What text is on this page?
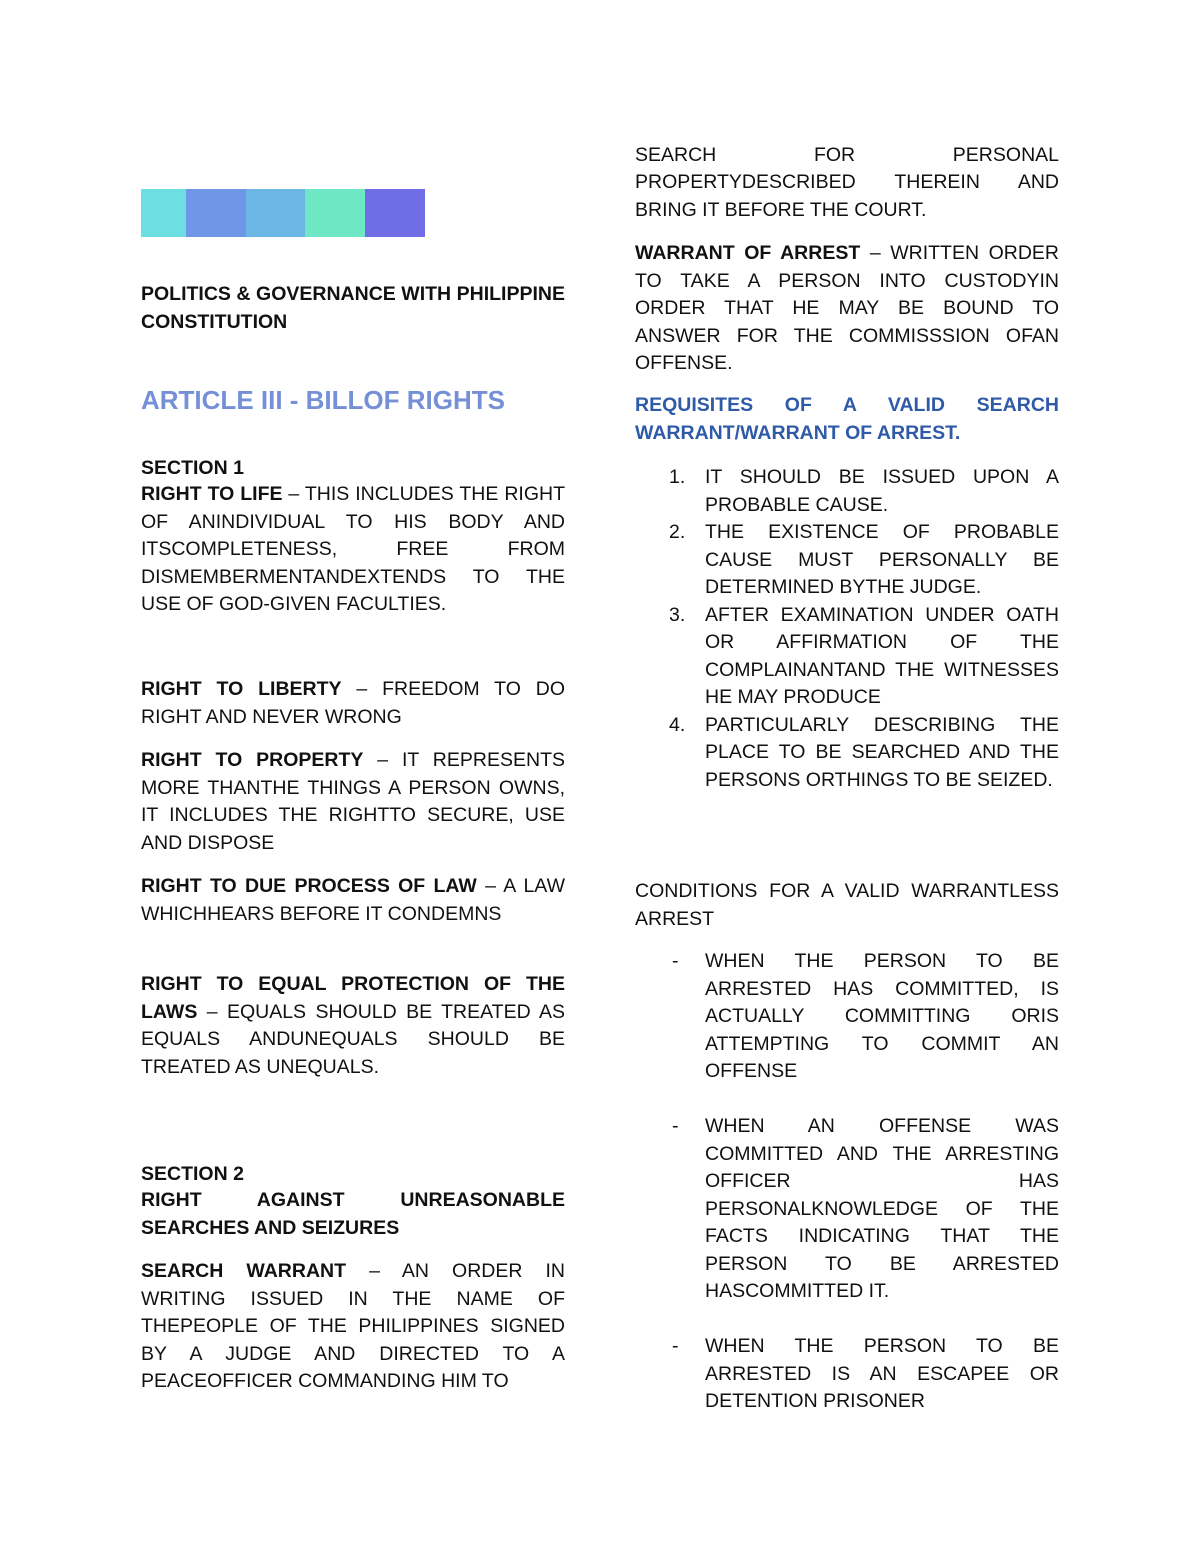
POLITICS & GOVERNANCE WITH PHILIPPINE CONSTITUTION

ARTICLE III - BILLOF RIGHTS

SECTION 1

RIGHT TO LIFE – THIS INCLUDES THE RIGHT OF ANINDIVIDUAL TO HIS BODY AND ITSCOMPLETENESS, FREE FROM DISMEMBERMENTANDEXTENDS TO THE USE OF GOD-GIVEN FACULTIES.

RIGHT TO LIBERTY – FREEDOM TO DO RIGHT AND NEVER WRONG

RIGHT TO PROPERTY – IT REPRESENTS MORE THANTHE THINGS A PERSON OWNS, IT INCLUDES THE RIGHTTO SECURE, USE AND DISPOSE

RIGHT TO DUE PROCESS OF LAW – A LAW WHICHHEARS BEFORE IT CONDEMNS

RIGHT TO EQUAL PROTECTION OF THE LAWS – EQUALS SHOULD BE TREATED AS EQUALS ANDUNEQUALS SHOULD BE TREATED AS UNEQUALS.

SECTION 2

RIGHT AGAINST UNREASONABLE SEARCHES AND SEIZURES

SEARCH WARRANT – AN ORDER IN WRITING ISSUED IN THE NAME OF THEPEOPLE OF THE PHILIPPINES SIGNED BY A JUDGE AND DIRECTED TO A PEACEOFFICER COMMANDING HIM TO

SEARCH FOR PERSONAL

PROPERTYDESCRIBED THEREIN AND BRING IT BEFORE THE COURT.

WARRANT OF ARREST – WRITTEN ORDER TO TAKE A PERSON INTO CUSTODYIN ORDER THAT HE MAY BE BOUND TO ANSWER FOR THE COMMISSSION OFAN OFFENSE.

REQUISITES OF A VALID SEARCH WARRANT/WARRANT OF ARREST.

1. IT SHOULD BE ISSUED UPON A PROBABLE CAUSE.
2. THE EXISTENCE OF PROBABLE CAUSE MUST PERSONALLY BE DETERMINED BYTHE JUDGE.
3. AFTER EXAMINATION UNDER OATH OR AFFIRMATION OF THE COMPLAINANTAND THE WITNESSES HE MAY PRODUCE
4. PARTICULARLY DESCRIBING THE PLACE TO BE SEARCHED AND THE PERSONS ORTHINGS TO BE SEIZED.

CONDITIONS FOR A VALID WARRANTLESS ARREST

- WHEN THE PERSON TO BE ARRESTED HAS COMMITTED, IS ACTUALLY COMMITTING ORIS ATTEMPTING TO COMMIT AN OFFENSE
- WHEN AN OFFENSE WAS COMMITTED AND THE ARRESTING OFFICER HAS PERSONALKNOWLEDGE OF THE FACTS INDICATING THAT THE PERSON TO BE ARRESTED HASCOMMITTED IT.
- WHEN THE PERSON TO BE ARRESTED IS AN ESCAPEE OR DETENTION PRISONER
